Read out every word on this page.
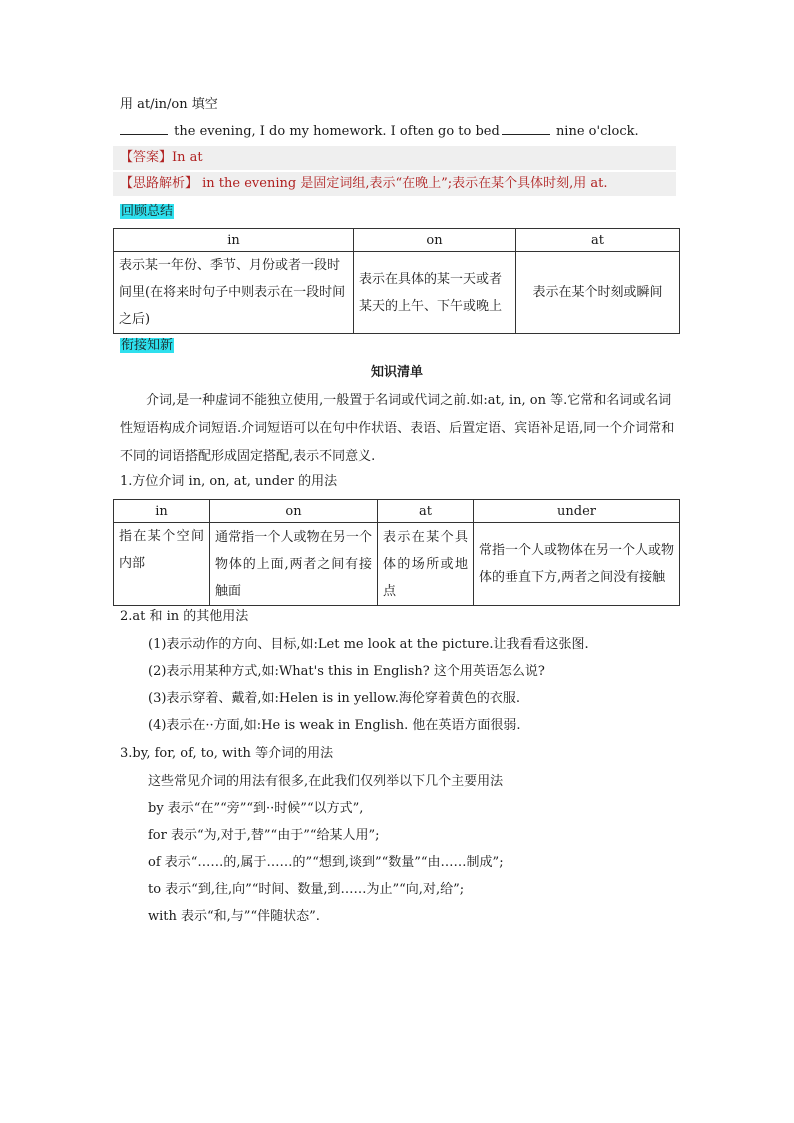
用 at/in/on 填空
the evening, I do my homework. I often go to bed	nine o'clock.
【答案】In at
【思路解析】 in the evening 是固定词组,表示“在晚上”;表示在某个具体时刻,用 at.
回顾总结
in	on	at
表示某一年份、季节、月份或者一段时间里(在将来时句子中则表示在一段时间之后)	表示在具体的某一天或者某天的上午、下午或晚上	表示在某个时刻或瞬间
衔接知新
知识清单
介词,是一种虚词不能独立使用,一般置于名词或代词之前.如:at, in, on 等.它常和名词或名词性短语构成介词短语.介词短语可以在句中作状语、表语、后置定语、宾语补足语,同一个介词常和不同的词语搭配形成固定搭配,表示不同意义.
1.方位介词 in, on, at, under 的用法
in	on	at	under
指在某个空间内部	通常指一个人或物在另一个物体的上面,两者之间有接触面	表示在某个具体的场所或地点	常指一个人或物体在另一个人或物体的垂直下方,两者之间没有接触
2.at 和 in 的其他用法
(1)表示动作的方向、目标,如:Let me look at the picture.让我看看这张图.
(2)表示用某种方式,如:What's this in English? 这个用英语怎么说?
(3)表示穿着、戴着,如:Helen is in yellow.海伦穿着黄色的衣服.
(4)表示在··方面,如:He is weak in English. 他在英语方面很弱.
3.by, for, of, to, with 等介词的用法
这些常见介词的用法有很多,在此我们仅列举以下几个主要用法
by 表示“在”“旁”“到··时候”“以方式”,
for 表示“为,对于,替”“由于”“给某人用”;
of 表示“……的,属于……的”“想到,谈到”“数量”“由……制成”;
to 表示“到,往,向”“时间、数量,到……为止”“向,对,给”;
with 表示“和,与”“伴随状态”.
